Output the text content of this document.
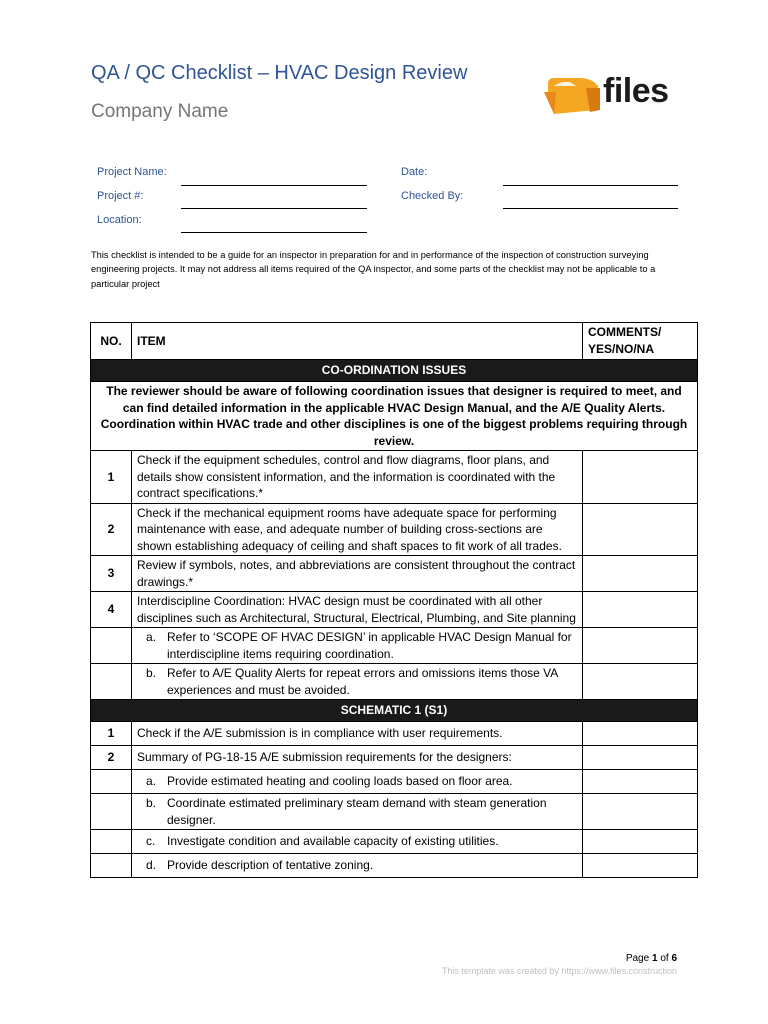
QA / QC Checklist – HVAC Design Review
Company Name
files
Project Name:	Date:
Project #:	Checked By:
Location:
This checklist is intended to be a guide for an inspector in preparation for and in performance of the inspection of construction surveying engineering projects. It may not address all items required of the QA inspector, and some parts of the checklist may not be applicable to a particular project
NO.	ITEM	COMMENTS/ YES/NO/NA
CO-ORDINATION ISSUES		
The reviewer should be aware of following coordination issues that designer is required to meet, and can find detailed information in the applicable HVAC Design Manual, and the A/E Quality Alerts. Coordination within HVAC trade and other disciplines is one of the biggest problems requiring through review.		
1	Check if the equipment schedules, control and flow diagrams, floor plans, and details show consistent information, and the information is coordinated with the contract specifications.*	
2	Check if the mechanical equipment rooms have adequate space for performing maintenance with ease, and adequate number of building cross-sections are shown establishing adequacy of ceiling and shaft spaces to fit work of all trades.	
3	Review if symbols, notes, and abbreviations are consistent throughout the contract drawings.*	
4	Interdiscipline Coordination: HVAC design must be coordinated with all other disciplines such as Architectural, Structural, Electrical, Plumbing, and Site planning	

	a. Refer to ‘SCOPE OF HVAC DESIGN’ in applicable HVAC Design Manual for interdiscipline items requiring coordination.	

	b. Refer to A/E Quality Alerts for repeat errors and omissions items those VA experiences and must be avoided.	

SCHEMATIC 1 (S1)		
1	Check if the A/E submission is in compliance with user requirements.	
2	Summary of PG-18-15 A/E submission requirements for the designers:	

	a. Provide estimated heating and cooling loads based on floor area.	

	b. Coordinate estimated preliminary steam demand with steam generation designer.	

	c. Investigate condition and available capacity of existing utilities.	

	d. Provide description of tentative zoning.	

Page 1 of 6
This template was created by https://www.files.construction
